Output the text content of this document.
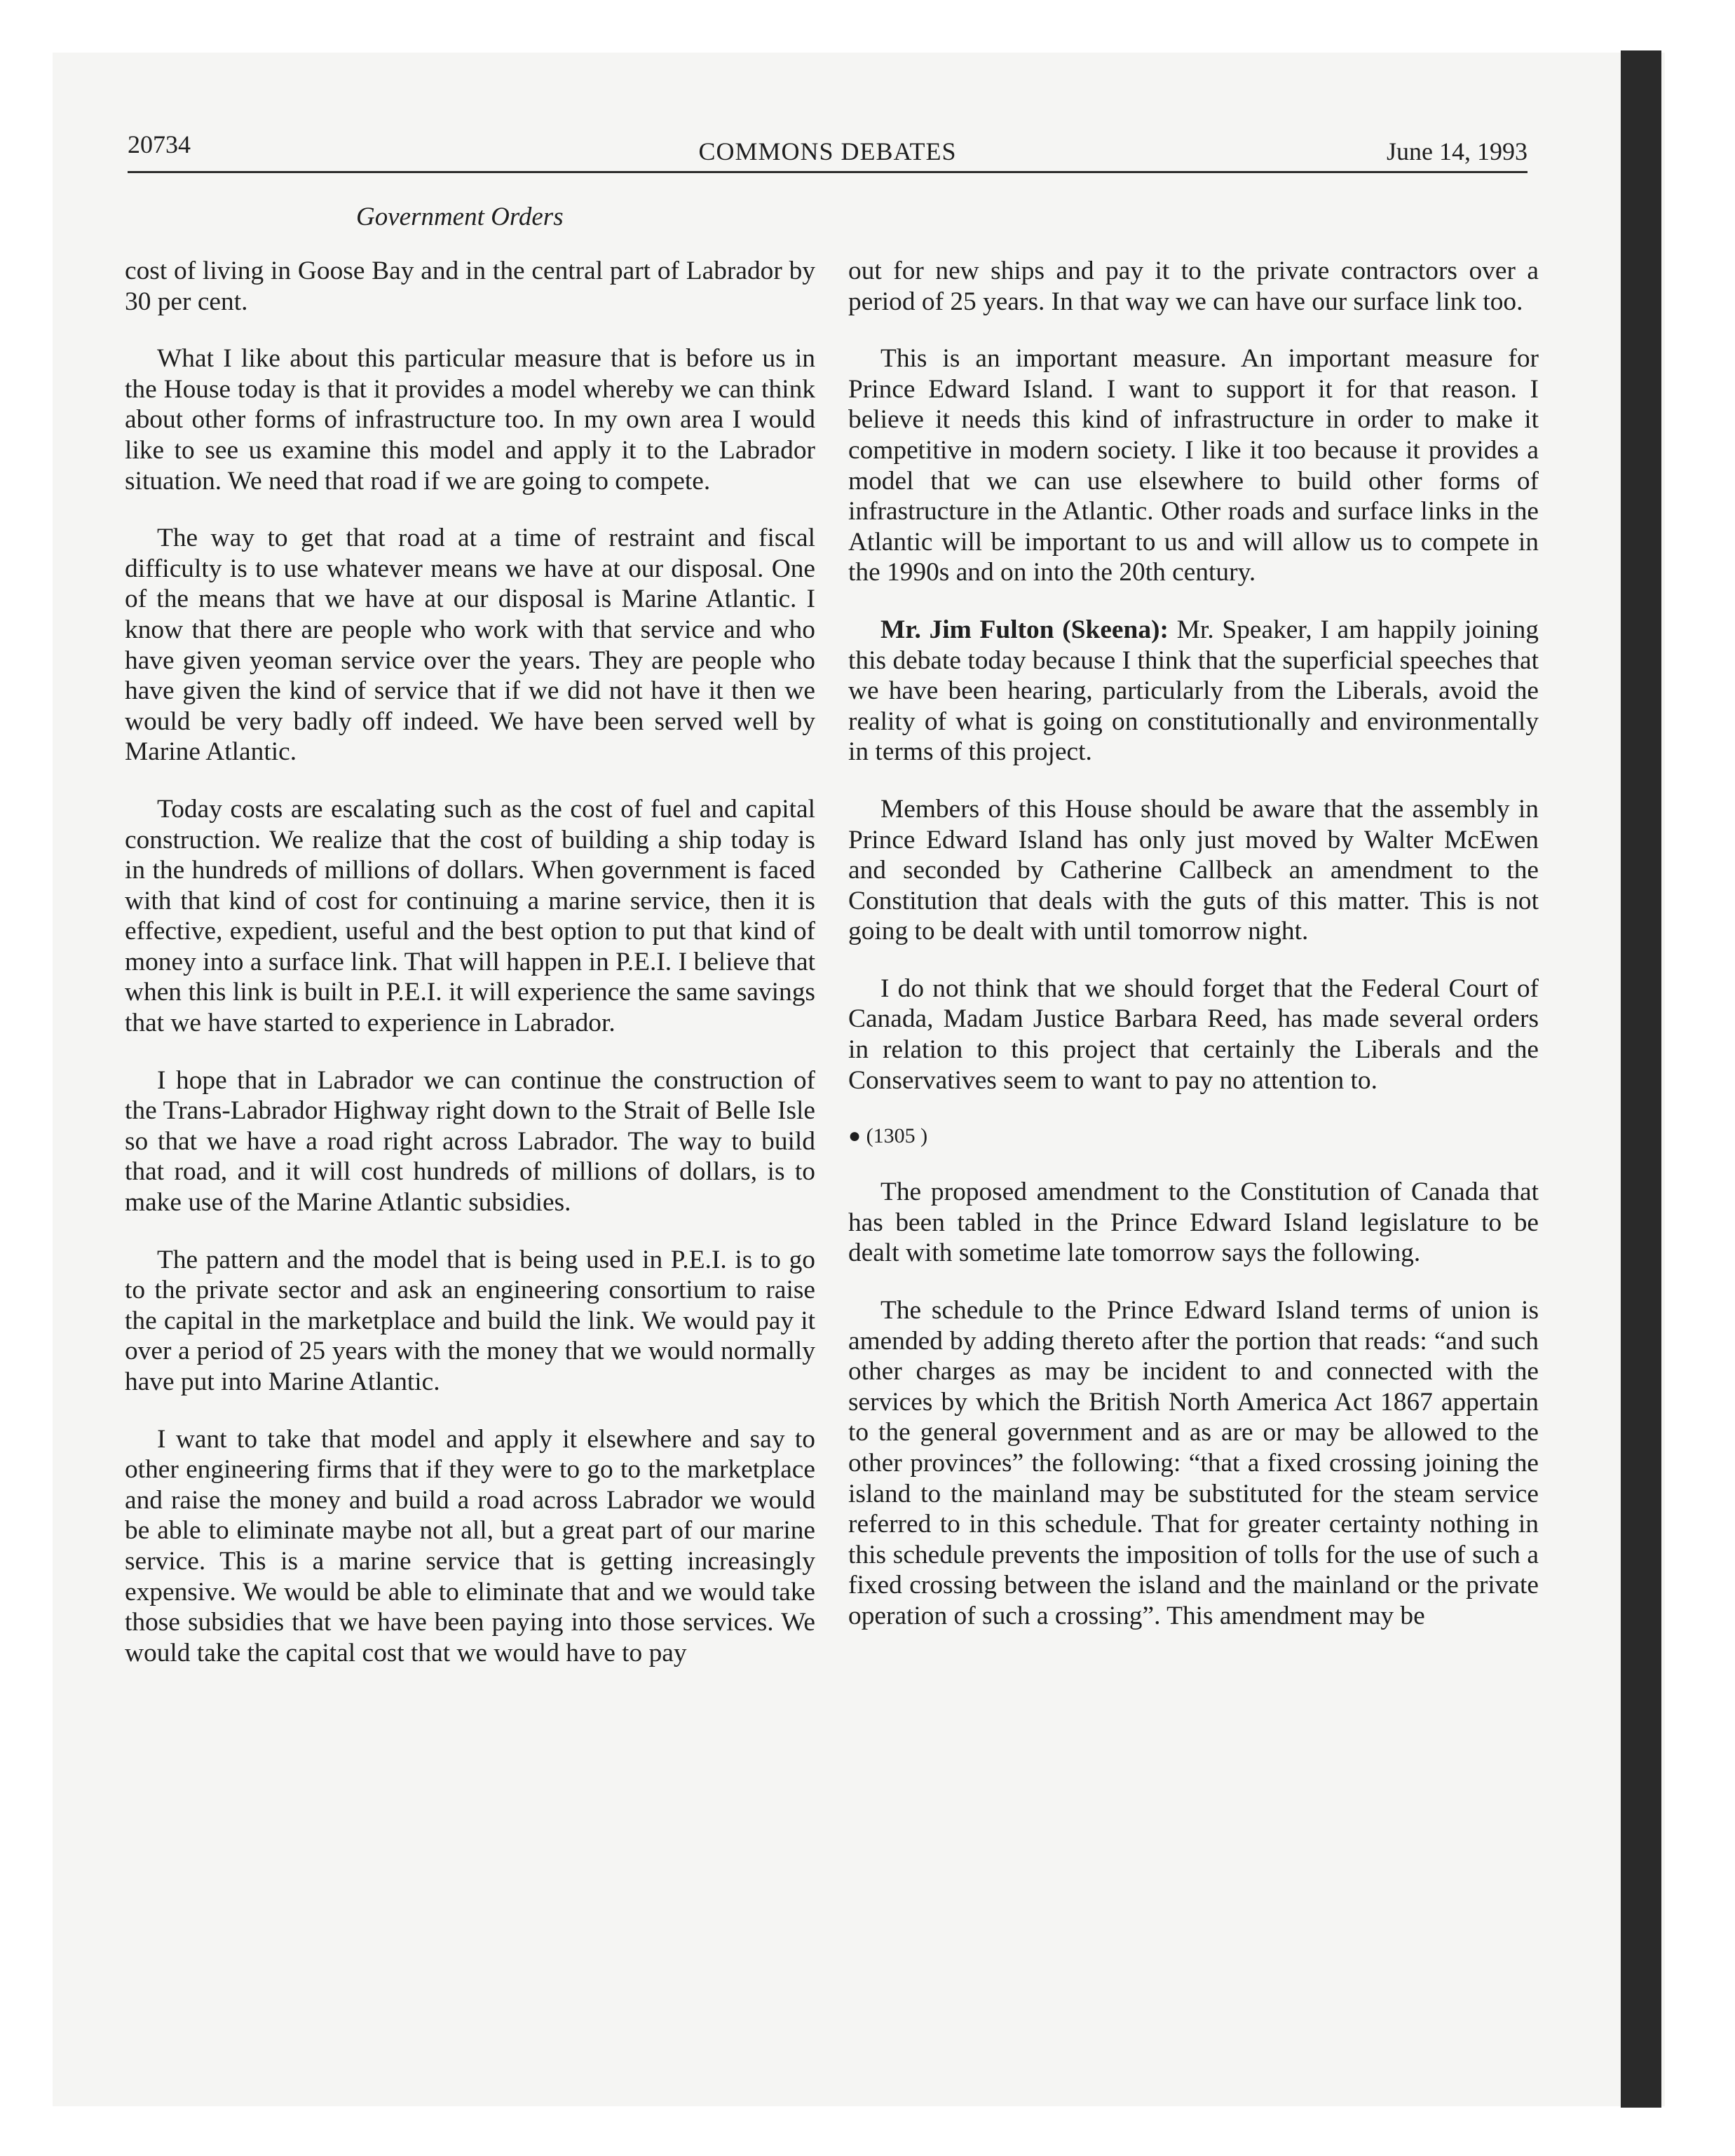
20734	COMMONS DEBATES	June 14, 1993
Government Orders

cost of living in Goose Bay and in the central part of Labrador by 30 per cent.

What I like about this particular measure that is before us in the House today is that it provides a model whereby we can think about other forms of infrastructure too. In my own area I would like to see us examine this model and apply it to the Labrador situation. We need that road if we are going to compete.

The way to get that road at a time of restraint and fiscal difficulty is to use whatever means we have at our disposal. One of the means that we have at our disposal is Marine Atlantic. I know that there are people who work with that service and who have given yeoman service over the years. They are people who have given the kind of service that if we did not have it then we would be very badly off indeed. We have been served well by Marine Atlantic.

Today costs are escalating such as the cost of fuel and capital construction. We realize that the cost of building a ship today is in the hundreds of millions of dollars. When government is faced with that kind of cost for continuing a marine service, then it is effective, expedient, useful and the best option to put that kind of money into a surface link. That will happen in P.E.I. I believe that when this link is built in P.E.I. it will experience the same savings that we have started to experience in Labrador.

I hope that in Labrador we can continue the construction of the Trans-Labrador Highway right down to the Strait of Belle Isle so that we have a road right across Labrador. The way to build that road, and it will cost hundreds of millions of dollars, is to make use of the Marine Atlantic subsidies.

The pattern and the model that is being used in P.E.I. is to go to the private sector and ask an engineering consortium to raise the capital in the marketplace and build the link. We would pay it over a period of 25 years with the money that we would normally have put into Marine Atlantic.

I want to take that model and apply it elsewhere and say to other engineering firms that if they were to go to the marketplace and raise the money and build a road across Labrador we would be able to eliminate maybe not all, but a great part of our marine service. This is a marine service that is getting increasingly expensive. We would be able to eliminate that and we would take those subsidies that we have been paying into those services. We would take the capital cost that we would have to pay

out for new ships and pay it to the private contractors over a period of 25 years. In that way we can have our surface link too.

This is an important measure. An important measure for Prince Edward Island. I want to support it for that reason. I believe it needs this kind of infrastructure in order to make it competitive in modern society. I like it too because it provides a model that we can use elsewhere to build other forms of infrastructure in the Atlantic. Other roads and surface links in the Atlantic will be important to us and will allow us to compete in the 1990s and on into the 20th century.

Mr. Jim Fulton (Skeena): Mr. Speaker, I am happily joining this debate today because I think that the superficial speeches that we have been hearing, particularly from the Liberals, avoid the reality of what is going on constitutionally and environmentally in terms of this project.

Members of this House should be aware that the assembly in Prince Edward Island has only just moved by Walter McEwen and seconded by Catherine Callbeck an amendment to the Constitution that deals with the guts of this matter. This is not going to be dealt with until tomorrow night.

I do not think that we should forget that the Federal Court of Canada, Madam Justice Barbara Reed, has made several orders in relation to this project that certainly the Liberals and the Conservatives seem to want to pay no attention to.

● (1305 )

The proposed amendment to the Constitution of Canada that has been tabled in the Prince Edward Island legislature to be dealt with sometime late tomorrow says the following.

The schedule to the Prince Edward Island terms of union is amended by adding thereto after the portion that reads: “and such other charges as may be incident to and connected with the services by which the British North America Act 1867 appertain to the general government and as are or may be allowed to the other provinces” the following: “that a fixed crossing joining the island to the mainland may be substituted for the steam service referred to in this schedule. That for greater certainty nothing in this schedule prevents the imposition of tolls for the use of such a fixed crossing between the island and the mainland or the private operation of such a crossing”. This amendment may be
